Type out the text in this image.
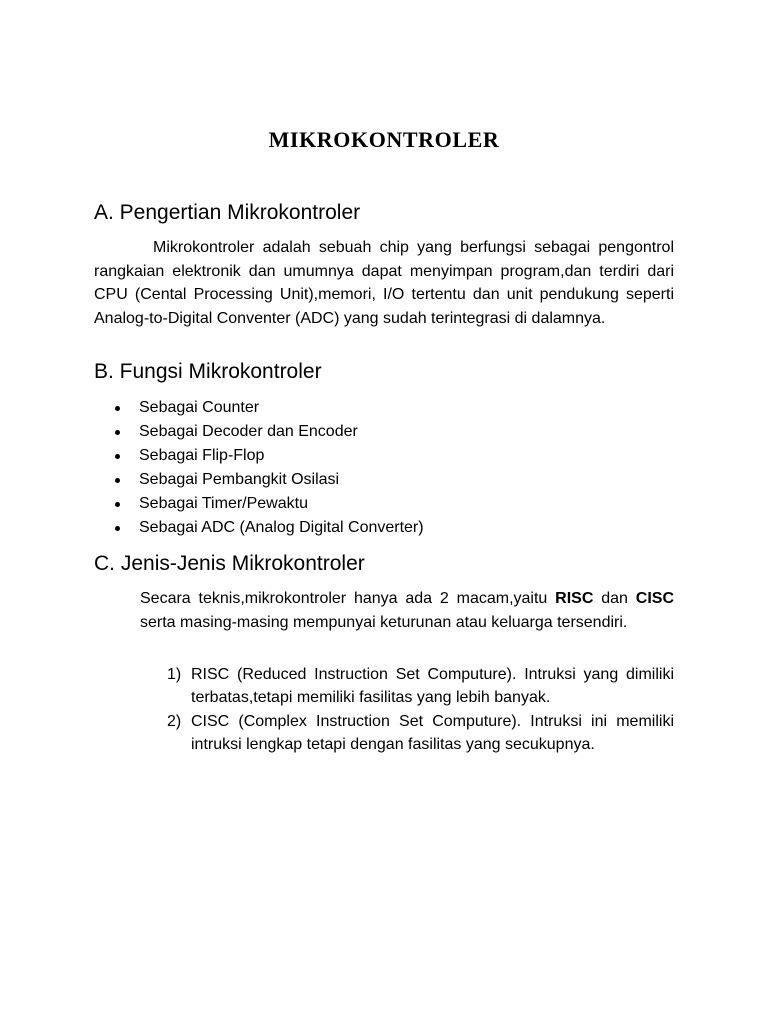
MIKROKONTROLER
A. Pengertian Mikrokontroler

Mikrokontroler adalah sebuah chip yang berfungsi sebagai pengontrol rangkaian elektronik dan umumnya dapat menyimpan program,dan terdiri dari CPU (Cental Processing Unit),memori, I/O tertentu dan unit pendukung seperti Analog-to-Digital Conventer (ADC) yang sudah terintegrasi di dalamnya.

B. Fungsi Mikrokontroler
Sebagai Counter
Sebagai Decoder dan Encoder
Sebagai Flip-Flop
Sebagai Pembangkit Osilasi
Sebagai Timer/Pewaktu
Sebagai ADC (Analog Digital Converter)
C. Jenis-Jenis Mikrokontroler

Secara teknis,mikrokontroler hanya ada 2 macam,yaitu RISC dan CISC serta masing-masing mempunyai keturunan atau keluarga tersendiri.

1) RISC (Reduced Instruction Set Computure). Intruksi yang dimiliki terbatas,tetapi memiliki fasilitas yang lebih banyak.
2) CISC (Complex Instruction Set Computure). Intruksi ini memiliki intruksi lengkap tetapi dengan fasilitas yang secukupnya.
